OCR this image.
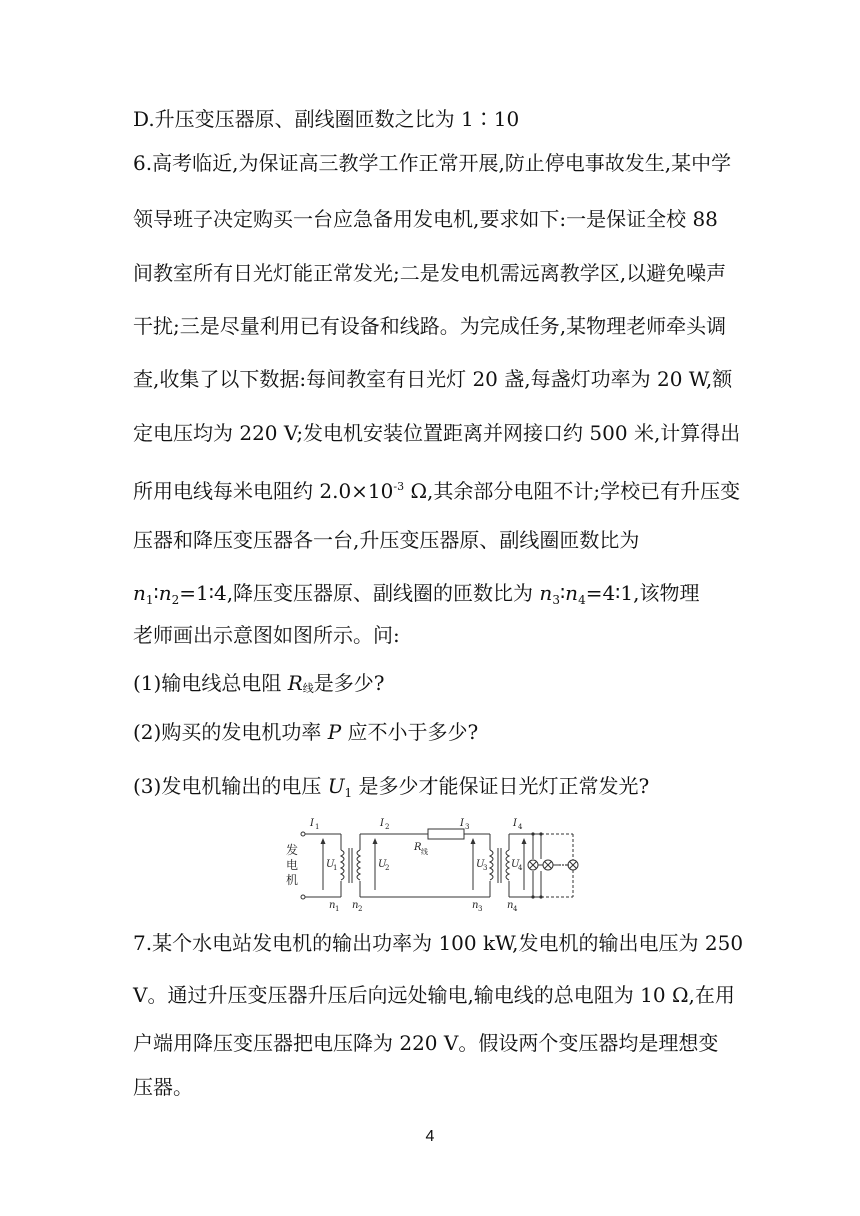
D.升压变压器原、副线圈匝数之比为 1∶10
6.高考临近,为保证高三教学工作正常开展,防止停电事故发生,某中学
领导班子决定购买一台应急备用发电机,要求如下:一是保证全校 88
间教室所有日光灯能正常发光;二是发电机需远离教学区,以避免噪声
干扰;三是尽量利用已有设备和线路。为完成任务,某物理老师牵头调
查,收集了以下数据:每间教室有日光灯 20 盏,每盏灯功率为 20 W,额
定电压均为 220 V;发电机安装位置距离并网接口约 500 米,计算得出
所用电线每米电阻约 $2.0\times 10^{-3}$ Ω,其余部分电阻不计;学校已有升压变
压器和降压变压器各一台,升压变压器原、副线圈匝数比为
$n_1∶n_2=1∶4$,降压变压器原、副线圈的匝数比为 $n_3∶n_4=4∶1$,该物理
老师画出示意图如图所示。问:
(1)输电线总电阻 R线是多少?
(2)购买的发电机功率 P 应不小于多少?
(3)发电机输出的电压 $U_1$ 是多少才能保证日光灯正常发光?
发
电
机
I 1	I 2	I 3	I 4
R 线
U
1	U
2	U
3 U
4
n 1 n 2	n 3 n 4
7.某个水电站发电机的输出功率为 100 kW,发电机的输出电压为 250
V。通过升压变压器升压后向远处输电,输电线的总电阻为 10 Ω,在用
户端用降压变压器把电压降为 220 V。假设两个变压器均是理想变
压器。
4
